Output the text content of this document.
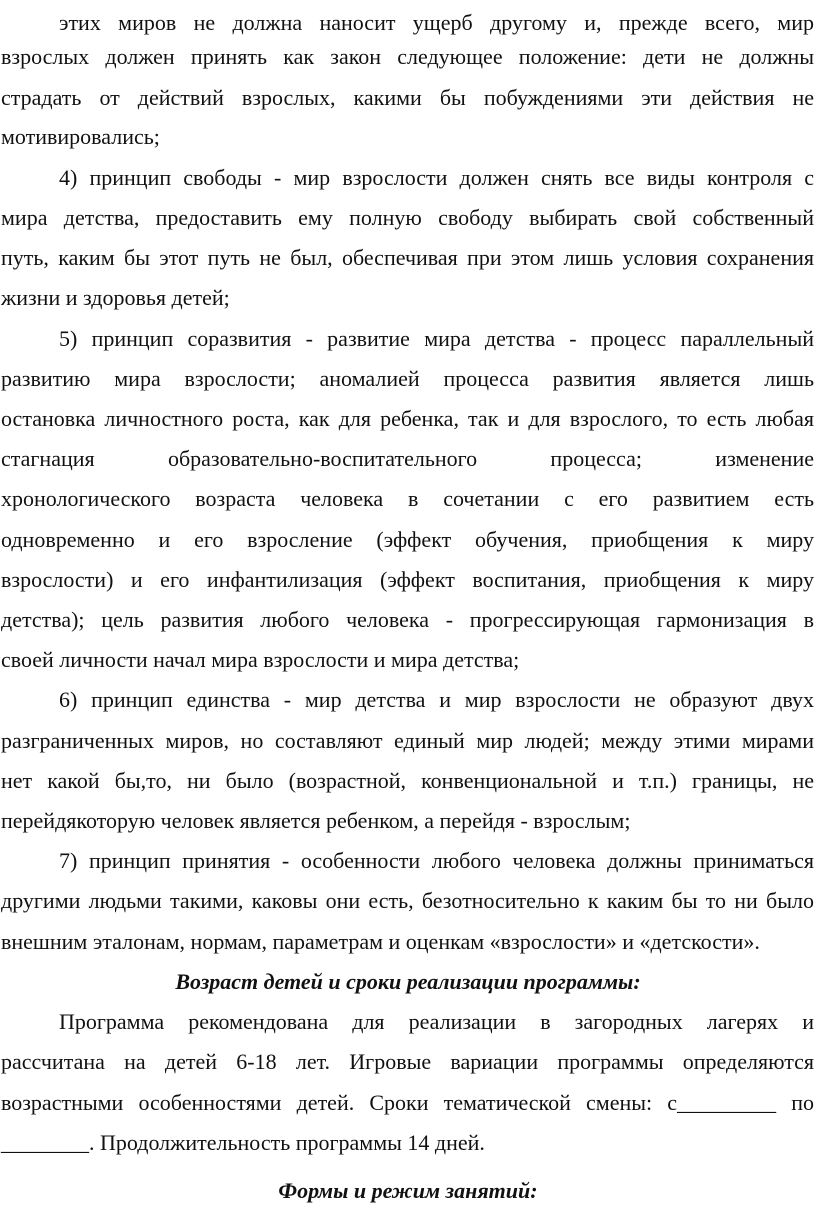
этих миров не должна наносит ущерб другому и, прежде всего, мир
взрослых должен принять как закон следующее положение: дети не должны
страдать от действий взрослых, какими бы побуждениями эти действия не
мотивировались;
4) принцип свободы - мир взрослости должен снять все виды контроля с
мира детства, предоставить ему полную свободу выбирать свой собственный
путь, каким бы этот путь не был, обеспечивая при этом лишь условия сохранения
жизни и здоровья детей;
5) принцип соразвития - развитие мира детства - процесс параллельный
развитию мира взрослости; аномалией процесса развития является лишь
остановка личностного роста, как для ребенка, так и для взрослого, то есть любая
стагнация образовательно-воспитательного процесса; изменение
хронологического возраста человека в сочетании с его развитием есть
одновременно и его взросление (эффект обучения, приобщения к миру
взрослости) и его инфантилизация (эффект воспитания, приобщения к миру
детства); цель развития любого человека - прогрессирующая гармонизация в
своей личности начал мира взрослости и мира детства;
6) принцип единства - мир детства и мир взрослости не образуют двух
разграниченных миров, но составляют единый мир людей; между этими мирами
нет какой бы,то, ни было (возрастной, конвенциональной и т.п.) границы, не
перейдякоторую человек является ребенком, а перейдя - взрослым;
7) принцип принятия - особенности любого человека должны приниматься
другими людьми такими, каковы они есть, безотносительно к каким бы то ни было
внешним эталонам, нормам, параметрам и оценкам «взрослости» и «детскости».
Возраст детей и сроки реализации программы:
Программа рекомендована для реализации в загородных лагерях и
рассчитана на детей 6-18 лет. Игровые вариации программы определяются
возрастными особенностями детей. Сроки тематической смены: с_________ по
________. Продолжительность программы 14 дней.
Формы и режим занятий:
